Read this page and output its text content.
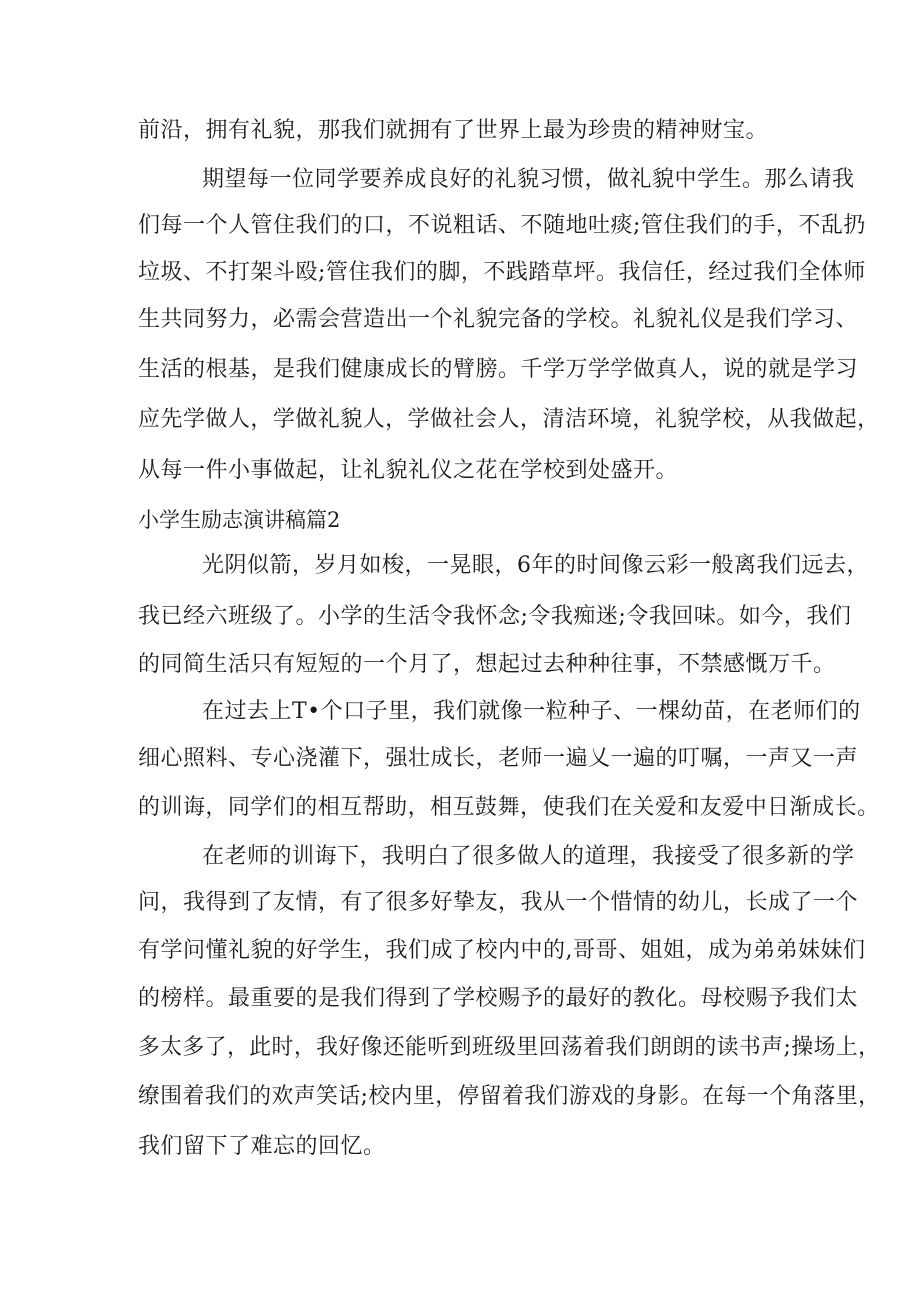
前沿，拥有礼貌，那我们就拥有了世界上最为珍贵的精神财宝。
期望每一位同学要养成良好的礼貌习惯，做礼貌中学生。那么请我
们每一个人管住我们的口，不说粗话、不随地吐痰;管住我们的手，不乱扔
垃圾、不打架斗殴;管住我们的脚，不践踏草坪。我信任，经过我们全体师
生共同努力，必需会营造出一个礼貌完备的学校。礼貌礼仪是我们学习、
生活的根基，是我们健康成长的臂膀。千学万学学做真人，说的就是学习
应先学做人，学做礼貌人，学做社会人，清洁环境，礼貌学校，从我做起，
从每一件小事做起，让礼貌礼仪之花在学校到处盛开。
小学生励志演讲稿篇2
光阴似箭，岁月如梭，一晃眼，6年的时间像云彩一般离我们远去，
我已经六班级了。小学的生活令我怀念;令我痴迷;令我回味。如今，我们
的同简生活只有短短的一个月了，想起过去种种往事，不禁感慨万千。
在过去上T•个口子里，我们就像一粒种子、一棵幼苗，在老师们的
细心照料、专心浇灌下，强壮成长，老师一遍乂一遍的叮嘱，一声又一声
的训诲，同学们的相互帮助，相互鼓舞，使我们在关爱和友爱中日渐成长。
在老师的训诲下，我明白了很多做人的道理，我接受了很多新的学
问，我得到了友情，有了很多好挚友，我从一个惜情的幼儿，长成了一个
有学问懂礼貌的好学生，我们成了校内中的,哥哥、姐姐，成为弟弟妹妹们
的榜样。最重要的是我们得到了学校赐予的最好的教化。母校赐予我们太
多太多了，此时，我好像还能听到班级里回荡着我们朗朗的读书声;操场上，
缭围着我们的欢声笑话;校内里，停留着我们游戏的身影。在每一个角落里，
我们留下了难忘的回忆。
